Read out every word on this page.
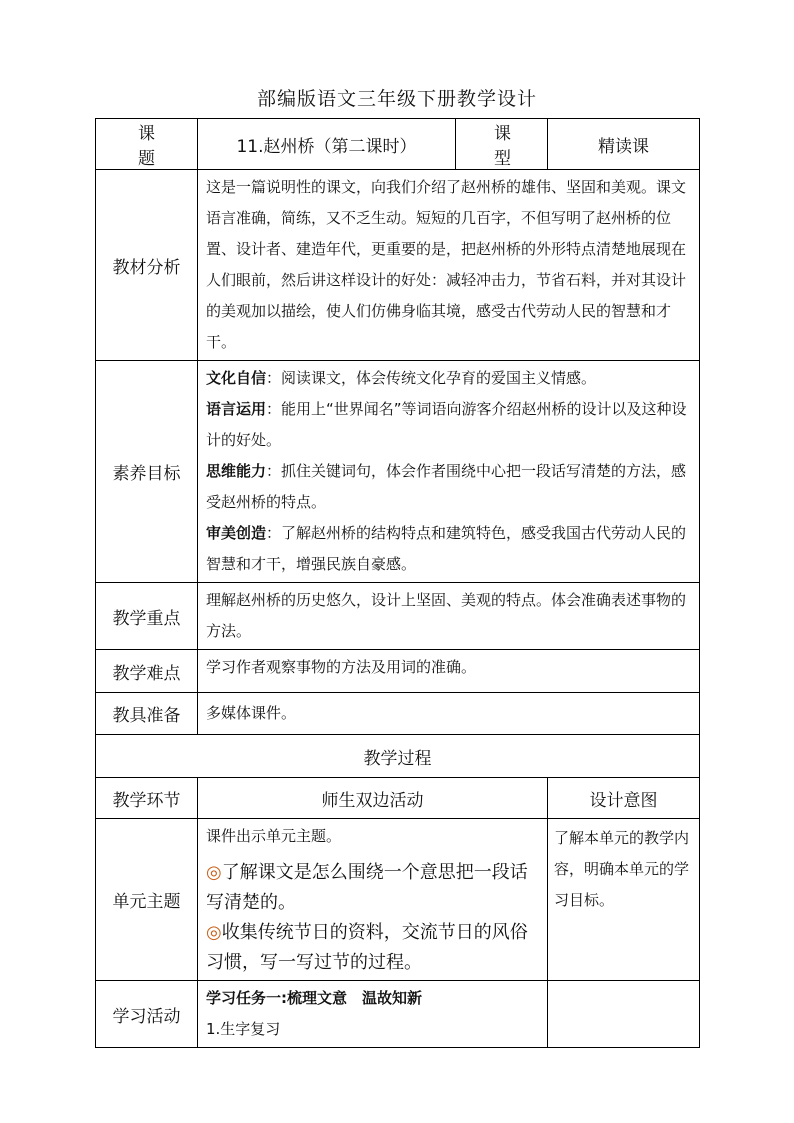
部编版语文三年级下册教学设计
课题	11.赵州桥（第二课时）	课型	精读课
教材分析	这是一篇说明性的课文，向我们介绍了赵州桥的雄伟、坚固和美观。课文语言准确，简练，又不乏生动。短短的几百字，不但写明了赵州桥的位置、设计者、建造年代，更重要的是，把赵州桥的外形特点清楚地展现在人们眼前，然后讲这样设计的好处：减轻冲击力，节省石料，并对其设计的美观加以描绘，使人们仿佛身临其境，感受古代劳动人民的智慧和才干。		
素养目标	文化自信：阅读课文，体会传统文化孕育的爱国主义情感。

语言运用：能用上“世界闻名”等词语向游客介绍赵州桥的设计以及这种设计的好处。

思维能力：抓住关键词句，体会作者围绕中心把一段话写清楚的方法，感受赵州桥的特点。

审美创造：了解赵州桥的结构特点和建筑特色，感受我国古代劳动人民的智慧和才干，增强民族自豪感。		

教学重点	理解赵州桥的历史悠久，设计上坚固、美观的特点。体会准确表述事物的方法。		
教学难点	学习作者观察事物的方法及用词的准确。		
教具准备	多媒体课件。		
教学过程			
教学环节	师生双边活动		设计意图
单元主题	课件出示单元主题。
◎了解课文是怎么围绕一个意思把一段话写清楚的。
◎收集传统节日的资料，交流节日的风俗习惯，写一写过节的过程。		了解本单元的教学内容，明确本单元的学习目标。
学习活动	学习任务一:梳理文意　温故知新
1.生字复习		
